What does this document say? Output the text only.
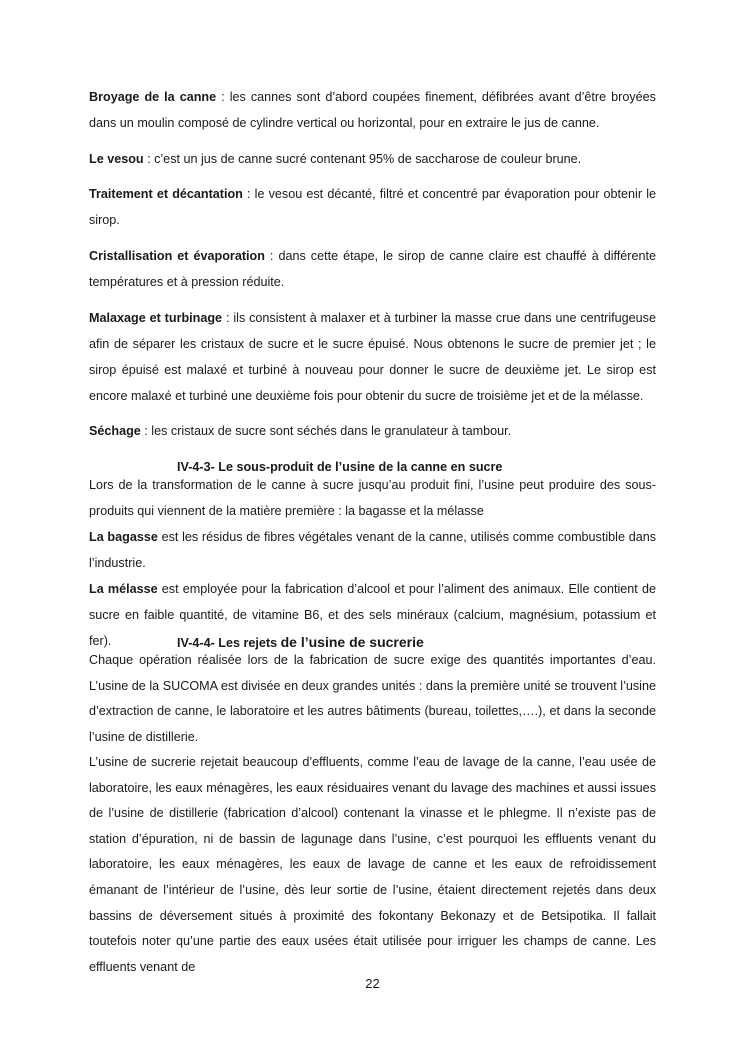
Broyage de la canne : les cannes sont d’abord coupées finement, défibrées avant d’être broyées dans un moulin composé de cylindre vertical ou horizontal, pour en extraire le jus de canne.

Le vesou : c’est un jus de canne sucré contenant 95% de saccharose de couleur brune.

Traitement et décantation : le vesou est décanté, filtré et concentré par évaporation pour obtenir le sirop.

Cristallisation et évaporation : dans cette étape, le sirop de canne claire est chauffé à différente températures et à pression réduite.

Malaxage et turbinage : ils consistent à malaxer et à turbiner la masse crue dans une centrifugeuse afin de séparer les cristaux de sucre et le sucre épuisé. Nous obtenons le sucre de premier jet ; le sirop épuisé est malaxé et turbiné à nouveau pour donner le sucre de deuxième jet. Le sirop est encore malaxé et turbiné une deuxième fois pour obtenir du sucre de troisième jet et de la mélasse.

Séchage : les cristaux de sucre sont séchés dans le granulateur à tambour.

IV-4-3- Le sous-produit de l’usine de la canne en sucre

Lors de la transformation de le canne à sucre jusqu’au produit fini, l’usine peut produire des sous-produits qui viennent de la matière première : la bagasse et la mélasse

La bagasse est les résidus de fibres végétales venant de la canne, utilisés comme combustible dans l’industrie.

La mélasse est employée pour la fabrication d’alcool et pour l’aliment des animaux. Elle contient de sucre en faible quantité, de vitamine B6, et des sels minéraux (calcium, magnésium, potassium et fer).	IV-4-4- Les rejets de l’usine de sucrerie

Chaque opération réalisée lors de la fabrication de sucre exige des quantités importantes d’eau. L’usine de la SUCOMA est divisée en deux grandes unités : dans la première unité se trouvent l’usine d’extraction de canne, le laboratoire et les autres bâtiments (bureau, toilettes,….), et dans la seconde l’usine de distillerie.

L’usine de sucrerie rejetait beaucoup d’effluents, comme l’eau de lavage de la canne, l’eau usée de laboratoire, les eaux ménagères, les eaux résiduaires venant du lavage des machines et aussi issues de l’usine de distillerie (fabrication d’alcool) contenant la vinasse et le phlegme. Il n’existe pas de station d’épuration, ni de bassin de lagunage dans l’usine, c’est pourquoi les effluents venant du laboratoire, les eaux ménagères, les eaux de lavage de canne et les eaux de refroidissement émanant de l’intérieur de l’usine, dès leur sortie de l’usine, étaient directement rejetés dans deux bassins de déversement situés à proximité des fokontany Bekonazy et de Betsipotika. Il fallait toutefois noter qu’une partie des eaux usées était utilisée pour irriguer les champs de canne. Les effluents venant de

22
